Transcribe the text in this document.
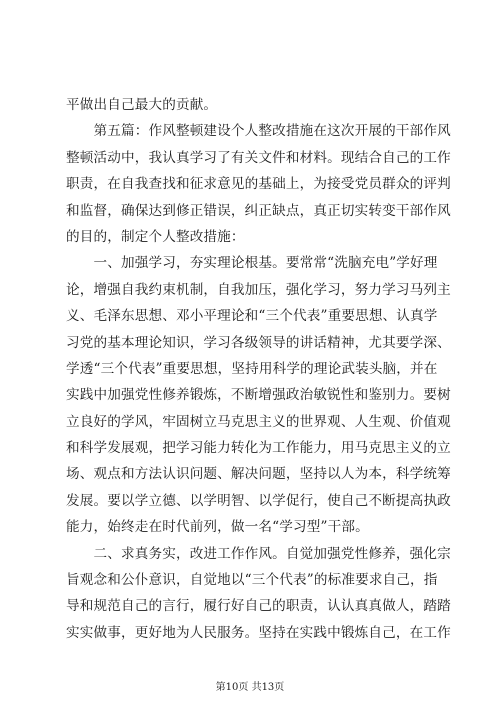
平做出自己最大的贡献。
　　第五篇：作风整顿建设个人整改措施在这次开展的干部作风
整顿活动中，我认真学习了有关文件和材料。现结合自己的工作
职责，在自我查找和征求意见的基础上，为接受党员群众的评判
和监督，确保达到修正错误，纠正缺点，真正切实转变干部作风
的目的，制定个人整改措施：
　　一、加强学习，夯实理论根基。要常常“洗脑充电”学好理
论，增强自我约束机制，自我加压，强化学习，努力学习马列主
义、毛泽东思想、邓小平理论和“三个代表”重要思想、认真学
习党的基本理论知识，学习各级领导的讲话精神，尤其要学深、
学透“三个代表”重要思想，坚持用科学的理论武装头脑，并在
实践中加强党性修养锻炼，不断增强政治敏锐性和鉴别力。要树
立良好的学风，牢固树立马克思主义的世界观、人生观、价值观
和科学发展观，把学习能力转化为工作能力，用马克思主义的立
场、观点和方法认识问题、解决问题，坚持以人为本，科学统筹
发展。要以学立德、以学明智、以学促行，使自己不断提高执政
能力，始终走在时代前列，做一名“学习型”干部。
　　二、求真务实，改进工作作风。自觉加强党性修养，强化宗
旨观念和公仆意识，自觉地以“三个代表”的标准要求自己，指
导和规范自己的言行，履行好自己的职责，认认真真做人，踏踏
实实做事，更好地为人民服务。坚持在实践中锻炼自己，在工作
第10页 共13页
